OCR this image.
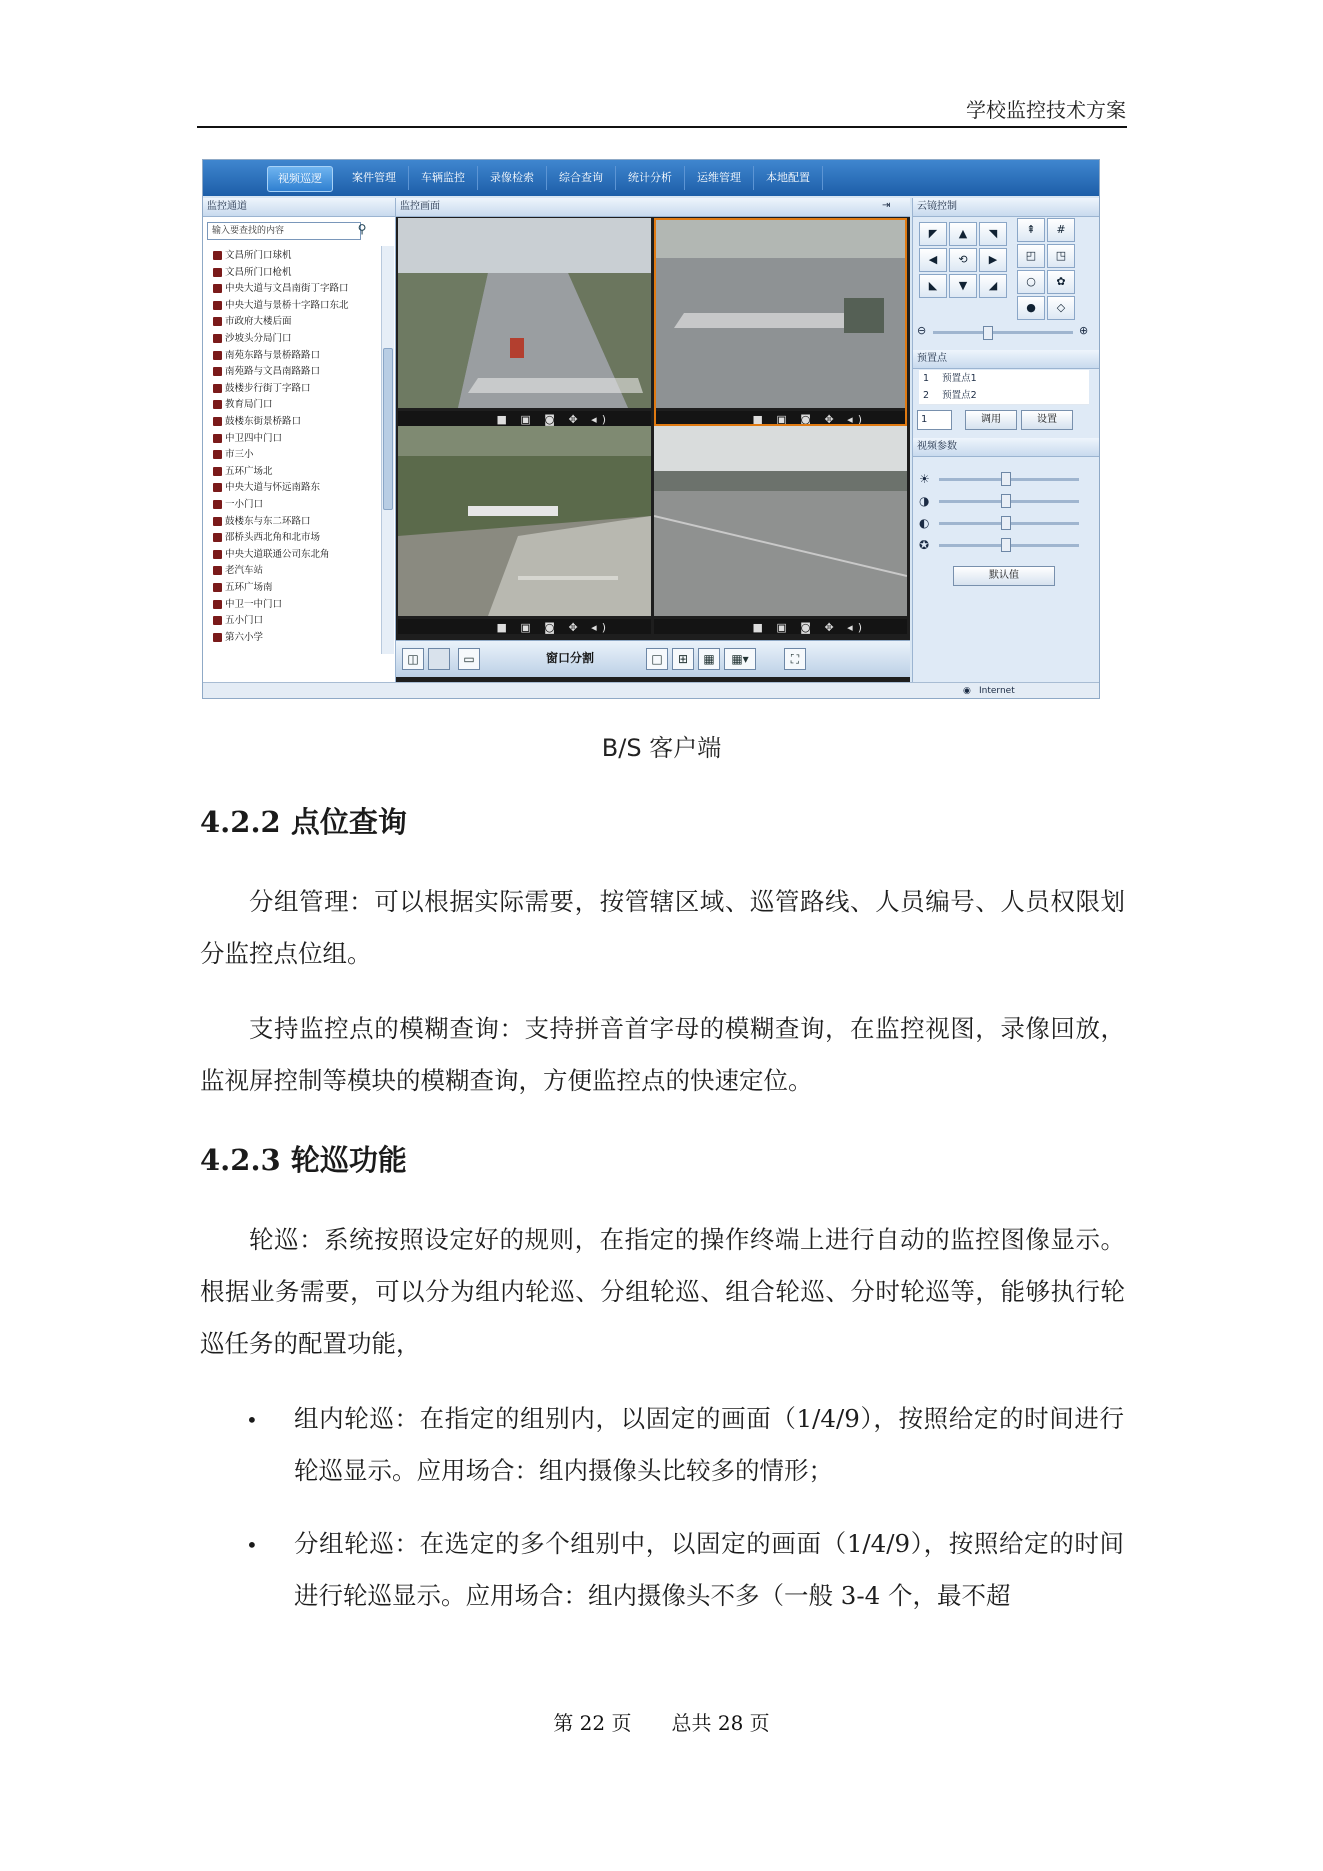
学校监控技术方案
视频巡逻	案件管理	车辆监控	录像检索	综合查询	统计分析	运维管理	本地配置
监控通道
输入要查找的内容	⚲
文昌所门口球机
文昌所门口枪机
中央大道与文昌南街丁字路口
中央大道与景桥十字路口东北
市政府大楼后面
沙坡头分局门口
南苑东路与景桥路路口
南苑路与文昌南路路口
鼓楼步行街丁字路口
教育局门口
鼓楼东街景桥路口
中卫四中门口
市三小
五环广场北
中央大道与怀远南路东
一小门口
鼓楼东与东二环路口
邵桥头西北角和北市场
中央大道联通公司东北角
老汽车站
五环广场南
中卫一中门口
五小门口
第六小学
监控画面	⇥
■ ▣ ◙ ✥ ◂)	■ ▣ ◙ ✥ ◂)
■ ▣ ◙ ✥ ◂)	■ ▣ ◙ ✥ ◂)
◫	▭	窗口分割	□	⊞	▦	▦▾	⛶
云镜控制
◤	▲	◥
◀	⟲	▶
◣	▼	◢
⇞	#
◰	◳
○	✿
●	◇
⊖	⊕
预置点
1 预置点1
2 预置点2
1	调用	设置
视频参数
☀
◑
◐
✪
默认值
◉ Internet
B/S 客户端
4.2.2 点位查询
分组管理：可以根据实际需要，按管辖区域、巡管路线、人员编号、人员权限划分监控点位组。
支持监控点的模糊查询：支持拼音首字母的模糊查询，在监控视图，录像回放，监视屏控制等模块的模糊查询，方便监控点的快速定位。
4.2.3 轮巡功能
轮巡：系统按照设定好的规则，在指定的操作终端上进行自动的监控图像显示。根据业务需要，可以分为组内轮巡、分组轮巡、组合轮巡、分时轮巡等，能够执行轮巡任务的配置功能，
• 组内轮巡：在指定的组别内，以固定的画面（1/4/9），按照给定的时间进行轮巡显示。应用场合：组内摄像头比较多的情形；
• 分组轮巡：在选定的多个组别中，以固定的画面（1/4/9），按照给定的时间进行轮巡显示。应用场合：组内摄像头不多（一般 3-4 个，最不超
第 22 页　　总共 28 页
